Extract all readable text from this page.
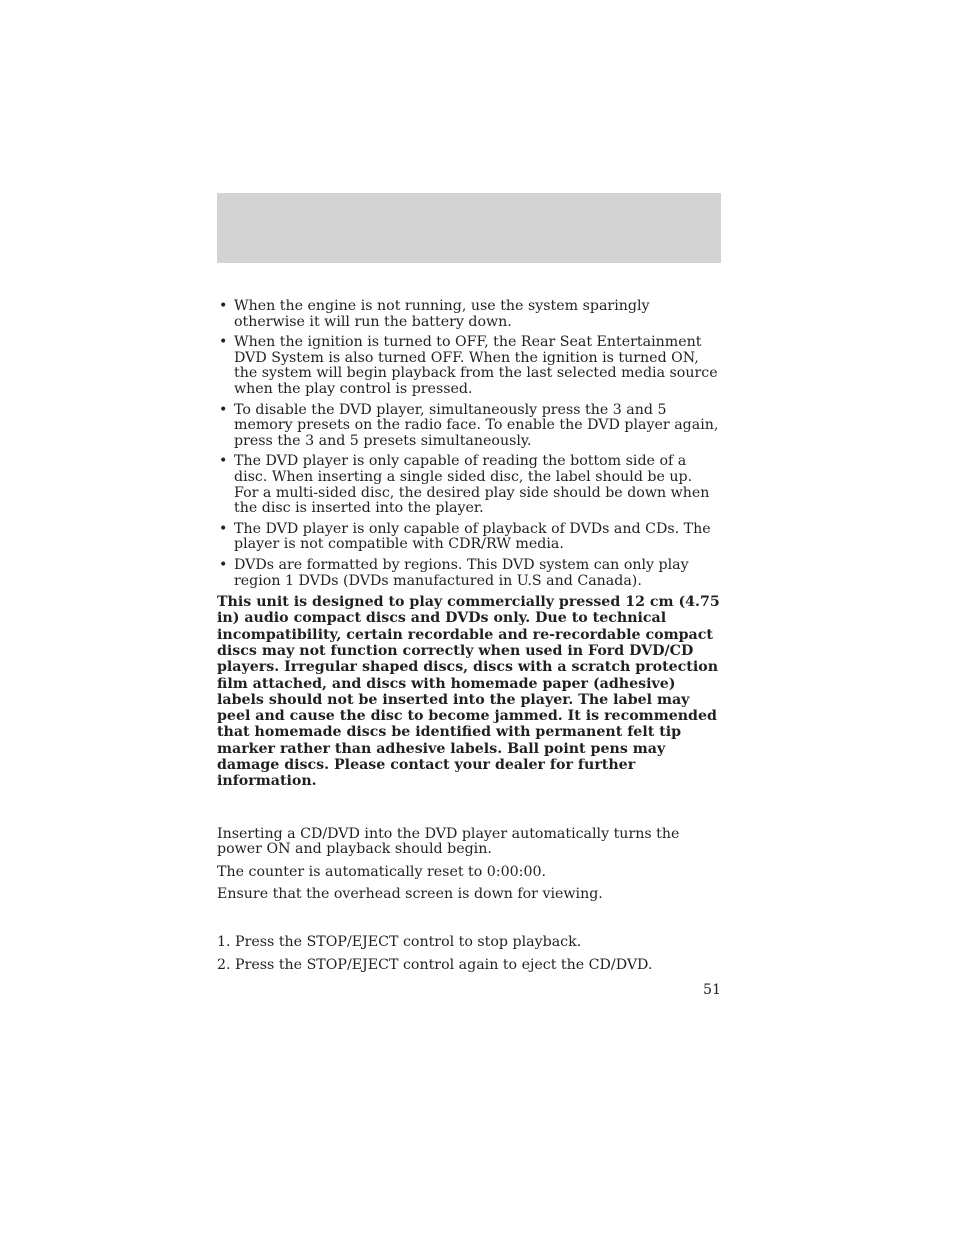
• When the engine is not running, use the system sparingly otherwise it will run the battery down.
• When the ignition is turned to OFF, the Rear Seat Entertainment DVD System is also turned OFF. When the ignition is turned ON, the system will begin playback from the last selected media source when the play control is pressed.
• To disable the DVD player, simultaneously press the 3 and 5 memory presets on the radio face. To enable the DVD player again, press the 3 and 5 presets simultaneously.
• The DVD player is only capable of reading the bottom side of a disc. When inserting a single sided disc, the label should be up. For a multi-sided disc, the desired play side should be down when the disc is inserted into the player.
• The DVD player is only capable of playback of DVDs and CDs. The player is not compatible with CDR/RW media.
• DVDs are formatted by regions. This DVD system can only play region 1 DVDs (DVDs manufactured in U.S and Canada).

This unit is designed to play commercially pressed 12 cm (4.75 in) audio compact discs and DVDs only. Due to technical incompatibility, certain recordable and re-recordable compact discs may not function correctly when used in Ford DVD/CD players. Irregular shaped discs, discs with a scratch protection film attached, and discs with homemade paper (adhesive) labels should not be inserted into the player. The label may peel and cause the disc to become jammed. It is recommended that homemade discs be identified with permanent felt tip marker rather than adhesive labels. Ball point pens may damage discs. Please contact your dealer for further information.

Inserting a CD/DVD into the DVD player automatically turns the power ON and playback should begin.

The counter is automatically reset to 0:00:00.

Ensure that the overhead screen is down for viewing.

1. Press the STOP/EJECT control to stop playback.

2. Press the STOP/EJECT control again to eject the CD/DVD.

51
